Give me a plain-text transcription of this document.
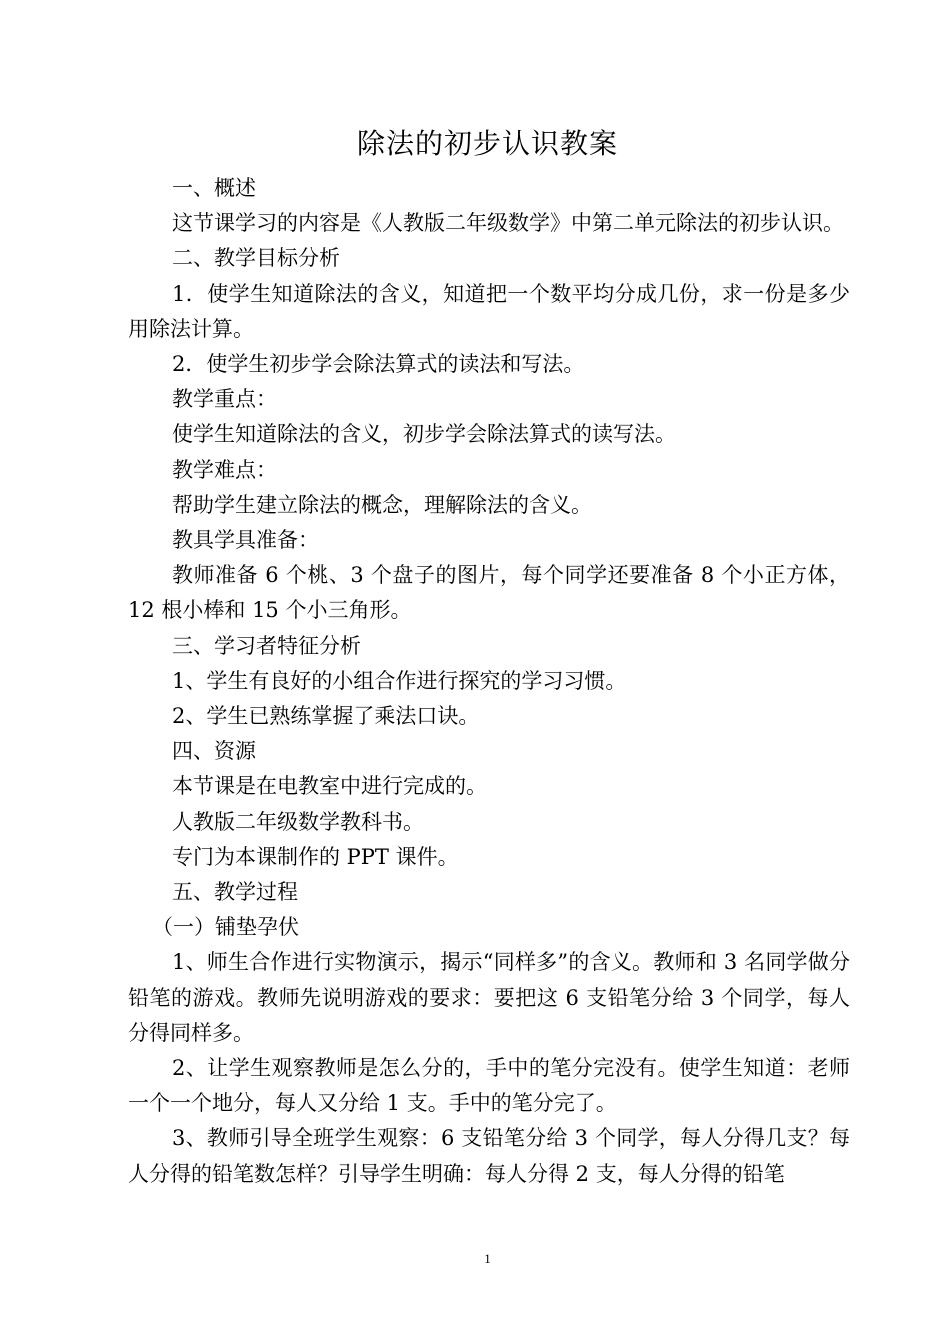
除法的初步认识教案

一、概述

这节课学习的内容是《人教版二年级数学》中第二单元除法的初步认识。

二、教学目标分析

1．使学生知道除法的含义，知道把一个数平均分成几份，求一份是多少用除法计算。

2．使学生初步学会除法算式的读法和写法。

教学重点：

使学生知道除法的含义，初步学会除法算式的读写法。

教学难点：

帮助学生建立除法的概念，理解除法的含义。

教具学具准备：

教师准备 6 个桃、3 个盘子的图片，每个同学还要准备 8 个小正方体，12 根小棒和 15 个小三角形。

三、学习者特征分析

1、学生有良好的小组合作进行探究的学习习惯。

2、学生已熟练掌握了乘法口诀。

四、资源

本节课是在电教室中进行完成的。

人教版二年级数学教科书。

专门为本课制作的 PPT 课件。

五、教学过程

（一）铺垫孕伏

1、师生合作进行实物演示，揭示“同样多”的含义。教师和 3 名同学做分铅笔的游戏。教师先说明游戏的要求：要把这 6 支铅笔分给 3 个同学，每人分得同样多。

2、让学生观察教师是怎么分的，手中的笔分完没有。使学生知道：老师一个一个地分，每人又分给 1 支。手中的笔分完了。

3、教师引导全班学生观察：6 支铅笔分给 3 个同学，每人分得几支？每人分得的铅笔数怎样？引导学生明确：每人分得 2 支，每人分得的铅笔

1
